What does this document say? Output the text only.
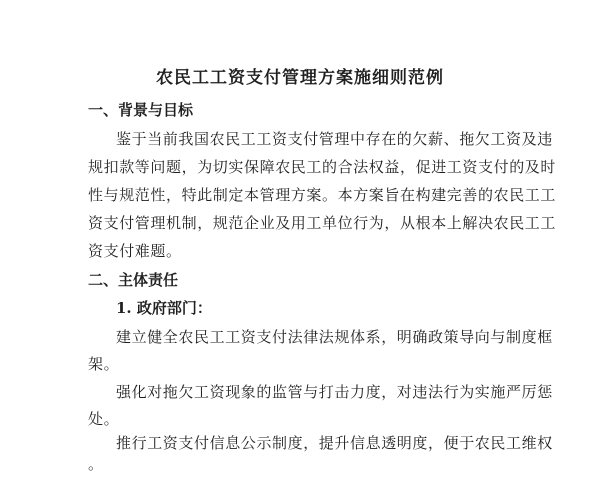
农民工工资支付管理方案施细则范例
一、背景与目标
鉴于当前我国农民工工资支付管理中存在的欠薪、拖欠工资及违
规扣款等问题，为切实保障农民工的合法权益，促进工资支付的及时
性与规范性，特此制定本管理方案。本方案旨在构建完善的农民工工
资支付管理机制，规范企业及用工单位行为，从根本上解决农民工工
资支付难题。
二、主体责任
1. 政府部门：
建立健全农民工工资支付法律法规体系，明确政策导向与制度框
架。
强化对拖欠工资现象的监管与打击力度，对违法行为实施严厉惩
处。
推行工资支付信息公示制度，提升信息透明度，便于农民工维权
。
